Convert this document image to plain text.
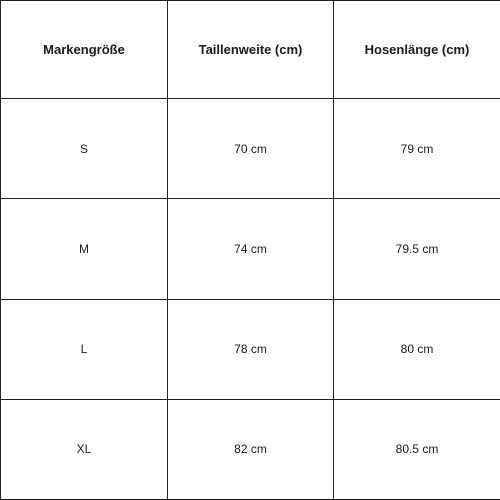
Markengröße	Taillenweite (cm)	Hosenlänge (cm)
S	70 cm	79 cm
M	74 cm	79.5 cm
L	78 cm	80 cm
XL	82 cm	80.5 cm
